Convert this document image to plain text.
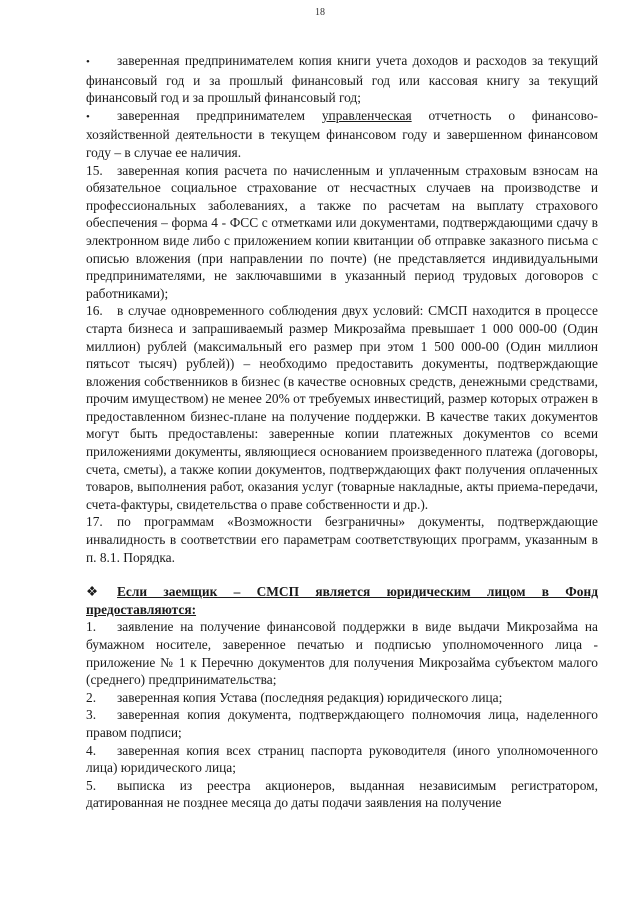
18

• заверенная предпринимателем копия книги учета доходов и расходов за текущий финансовый год и за прошлый финансовый год или кассовая книгу за текущий финансовый год и за прошлый финансовый год;

• заверенная предпринимателем управленческая отчетность о финансово-хозяйственной деятельности в текущем финансовом году и завершенном финансовом году – в случае ее наличия.

15. заверенная копия расчета по начисленным и уплаченным страховым взносам на обязательное социальное страхование от несчастных случаев на производстве и профессиональных заболеваниях, а также по расчетам на выплату страхового обеспечения – форма 4 - ФСС с отметками или документами, подтверждающими сдачу в электронном виде либо с приложением копии квитанции об отправке заказного письма с описью вложения (при направлении по почте) (не представляется индивидуальными предпринимателями, не заключавшими в указанный период трудовых договоров с работниками);

16. в случае одновременного соблюдения двух условий: СМСП находится в процессе старта бизнеса и запрашиваемый размер Микрозайма превышает 1 000 000-00 (Один миллион) рублей (максимальный его размер при этом 1 500 000-00 (Один миллион пятьсот тысяч) рублей)) – необходимо предоставить документы, подтверждающие вложения собственников в бизнес (в качестве основных средств, денежными средствами, прочим имуществом) не менее 20% от требуемых инвестиций, размер которых отражен в предоставленном бизнес-плане на получение поддержки. В качестве таких документов могут быть предоставлены: заверенные копии платежных документов со всеми приложениями документы, являющиеся основанием произведенного платежа (договоры, счета, сметы), а также копии документов, подтверждающих факт получения оплаченных товаров, выполнения работ, оказания услуг (товарные накладные, акты приема-передачи, счета-фактуры, свидетельства о праве собственности и др.).

17. по программам «Возможности безграничны» документы, подтверждающие инвалидность в соответствии его параметрам соответствующих программ, указанным в п. 8.1. Порядка.

❖ Если заемщик – СМСП является юридическим лицом в Фонд предоставляются:

1. заявление на получение финансовой поддержки в виде выдачи Микрозайма на бумажном носителе, заверенное печатью и подписью уполномоченного лица - приложение № 1 к Перечню документов для получения Микрозайма субъектом малого (среднего) предпринимательства;

2. заверенная копия Устава (последняя редакция) юридического лица;

3. заверенная копия документа, подтверждающего полномочия лица, наделенного правом подписи;

4. заверенная копия всех страниц паспорта руководителя (иного уполномоченного лица) юридического лица;

5. выписка из реестра акционеров, выданная независимым регистратором, датированная не позднее месяца до даты подачи заявления на получение
